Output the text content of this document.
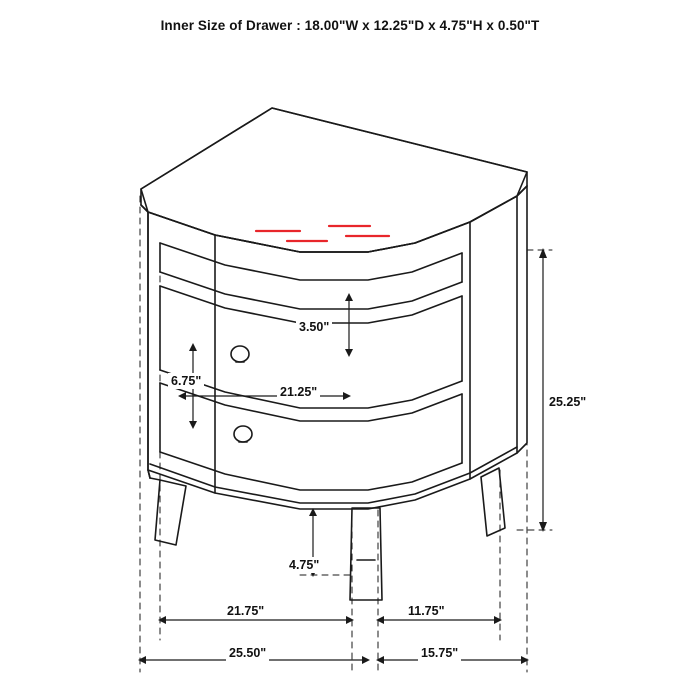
Inner Size of Drawer : 18.00"W x 12.25"D x 4.75"H x 0.50"T
3.50"
6.75"
21.25"
25.25"
4.75"
21.75"	11.75"
25.50"	15.75"
